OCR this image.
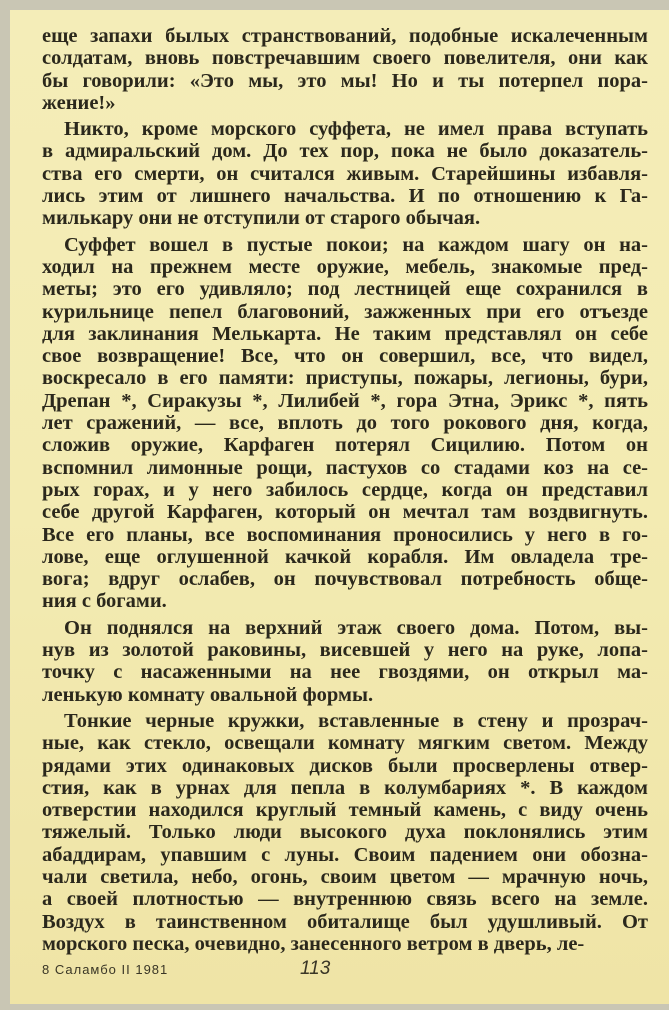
еще запахи былых странствований, подобные искалеченным
солдатам, вновь повстречавшим своего повелителя, они как
бы говорили: «Это мы, это мы! Но и ты потерпел пора-
жение!»
Никто, кроме морского суффета, не имел права вступать
в адмиральский дом. До тех пор, пока не было доказатель-
ства его смерти, он считался живым. Старейшины избавля-
лись этим от лишнего начальства. И по отношению к Га-
милькару они не отступили от старого обычая.
Суффет вошел в пустые покои; на каждом шагу он на-
ходил на прежнем месте оружие, мебель, знакомые пред-
меты; это его удивляло; под лестницей еще сохранился в
курильнице пепел благовоний, зажженных при его отъезде
для заклинания Мелькарта. Не таким представлял он себе
свое возвращение! Все, что он совершил, все, что видел,
воскресало в его памяти: приступы, пожары, легионы, бури,
Дрепан *, Сиракузы *, Лилибей *, гора Этна, Эрикс *, пять
лет сражений, — все, вплоть до того рокового дня, когда,
сложив оружие, Карфаген потерял Сицилию. Потом он
вспомнил лимонные рощи, пастухов со стадами коз на се-
рых горах, и у него забилось сердце, когда он представил
себе другой Карфаген, который он мечтал там воздвигнуть.
Все его планы, все воспоминания проносились у него в го-
лове, еще оглушенной качкой корабля. Им овладела тре-
вога; вдруг ослабев, он почувствовал потребность обще-
ния с богами.
Он поднялся на верхний этаж своего дома. Потом, вы-
нув из золотой раковины, висевшей у него на руке, лопа-
точку с насаженными на нее гвоздями, он открыл ма-
ленькую комнату овальной формы.
Тонкие черные кружки, вставленные в стену и прозрач-
ные, как стекло, освещали комнату мягким светом. Между
рядами этих одинаковых дисков были просверлены отвер-
стия, как в урнах для пепла в колумбариях *. В каждом
отверстии находился круглый темный камень, с виду очень
тяжелый. Только люди высокого духа поклонялись этим
абаддирам, упавшим с луны. Своим падением они обозна-
чали светила, небо, огонь, своим цветом — мрачную ночь,
а своей плотностью — внутреннюю связь всего на земле.
Воздух в таинственном обиталище был удушливый. От
морского песка, очевидно, занесенного ветром в дверь, ле-
8 Саламбо II 1981	113
